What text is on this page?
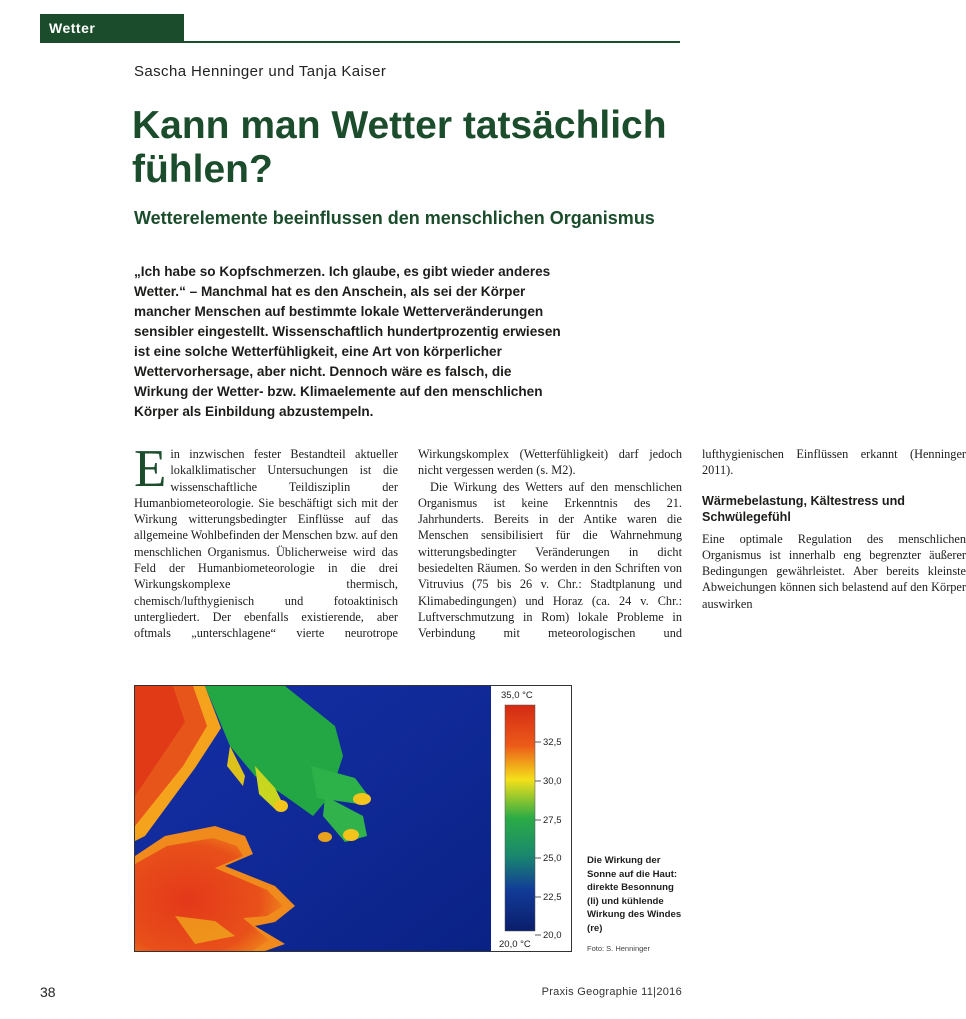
Wetter
Sascha Henninger und Tanja Kaiser
Kann man Wetter tatsächlich fühlen?
Wetterelemente beeinflussen den menschlichen Organismus

„Ich habe so Kopfschmerzen. Ich glaube, es gibt wieder anderes Wetter.“ – Manchmal hat es den Anschein, als sei der Körper mancher Menschen auf bestimmte lokale Wetterveränderungen sensibler eingestellt. Wissenschaftlich hundertprozentig erwiesen ist eine solche Wetterfühligkeit, eine Art von körperlicher Wettervorhersage, aber nicht. Dennoch wäre es falsch, die Wirkung der Wetter- bzw. Klimaelemente auf den menschlichen Körper als Einbildung abzustempeln.

Ein inzwischen fester Bestandteil aktueller lokalklimatischer Untersuchungen ist die wissenschaftliche Teildisziplin der Humanbiometeorologie. Sie beschäftigt sich mit der Wirkung witterungsbedingter Einflüsse auf das allgemeine Wohlbefinden der Menschen bzw. auf den menschlichen Organismus. Üblicherweise wird das Feld der Humanbiometeorologie in die drei Wirkungskomplexe thermisch, chemisch/lufthygienisch und fotoaktinisch untergliedert. Der ebenfalls existierende, aber oftmals „unterschlagene“ vierte neurotrope Wirkungskomplex (Wetterfühligkeit) darf jedoch nicht vergessen werden (s. M2).

Die Wirkung des Wetters auf den menschlichen Organismus ist keine Erkenntnis des 21. Jahrhunderts. Bereits in der Antike waren die Menschen sensibilisiert für die Wahrnehmung witterungsbedingter Veränderungen in dicht besiedelten Räumen. So werden in den Schriften von Vitruvius (75 bis 26 v. Chr.: Stadtplanung und Klimabedingungen) und Horaz (ca. 24 v. Chr.: Luftverschmutzung in Rom) lokale Probleme in Verbindung mit meteorologischen und lufthygienischen Einflüssen erkannt (Henninger 2011).

Wärmebelastung, Kältestress und Schwülegefühl

Eine optimale Regulation des menschlichen Organismus ist innerhalb eng begrenzter äußerer Bedingungen gewährleistet. Aber bereits kleinste Abweichungen können sich belastend auf den Körper auswirken

35,0 °C
32,5
30,0
27,5
25,0
22,5
20,0
20,0 °C

Die Wirkung der Sonne auf die Haut: direkte Besonnung (li) und kühlende Wirkung des Windes (re)

Foto: S. Henninger
38	Praxis Geographie 11|2016
